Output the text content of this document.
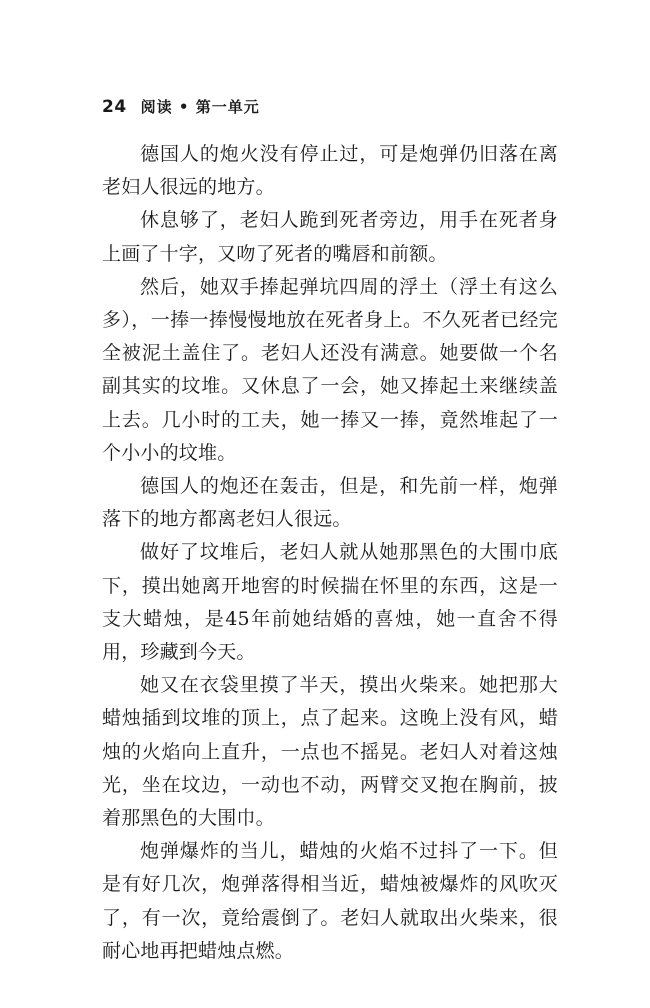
24 阅读 • 第一单元

德国人的炮火没有停止过，可是炮弹仍旧落在离老妇人很远的地方。

休息够了，老妇人跪到死者旁边，用手在死者身上画了十字，又吻了死者的嘴唇和前额。

然后，她双手捧起弹坑四周的浮土（浮土有这么多），一捧一捧慢慢地放在死者身上。不久死者已经完全被泥土盖住了。老妇人还没有满意。她要做一个名副其实的坟堆。又休息了一会，她又捧起土来继续盖上去。几小时的工夫，她一捧又一捧，竟然堆起了一个小小的坟堆。

德国人的炮还在轰击，但是，和先前一样，炮弹落下的地方都离老妇人很远。

做好了坟堆后，老妇人就从她那黑色的大围巾底下，摸出她离开地窖的时候揣在怀里的东西，这是一支大蜡烛，是45年前她结婚的喜烛，她一直舍不得用，珍藏到今天。

她又在衣袋里摸了半天，摸出火柴来。她把那大蜡烛插到坟堆的顶上，点了起来。这晚上没有风，蜡烛的火焰向上直升，一点也不摇晃。老妇人对着这烛光，坐在坟边，一动也不动，两臂交叉抱在胸前，披着那黑色的大围巾。

炮弹爆炸的当儿，蜡烛的火焰不过抖了一下。但是有好几次，炮弹落得相当近，蜡烛被爆炸的风吹灭了，有一次，竟给震倒了。老妇人就取出火柴来，很耐心地再把蜡烛点燃。
